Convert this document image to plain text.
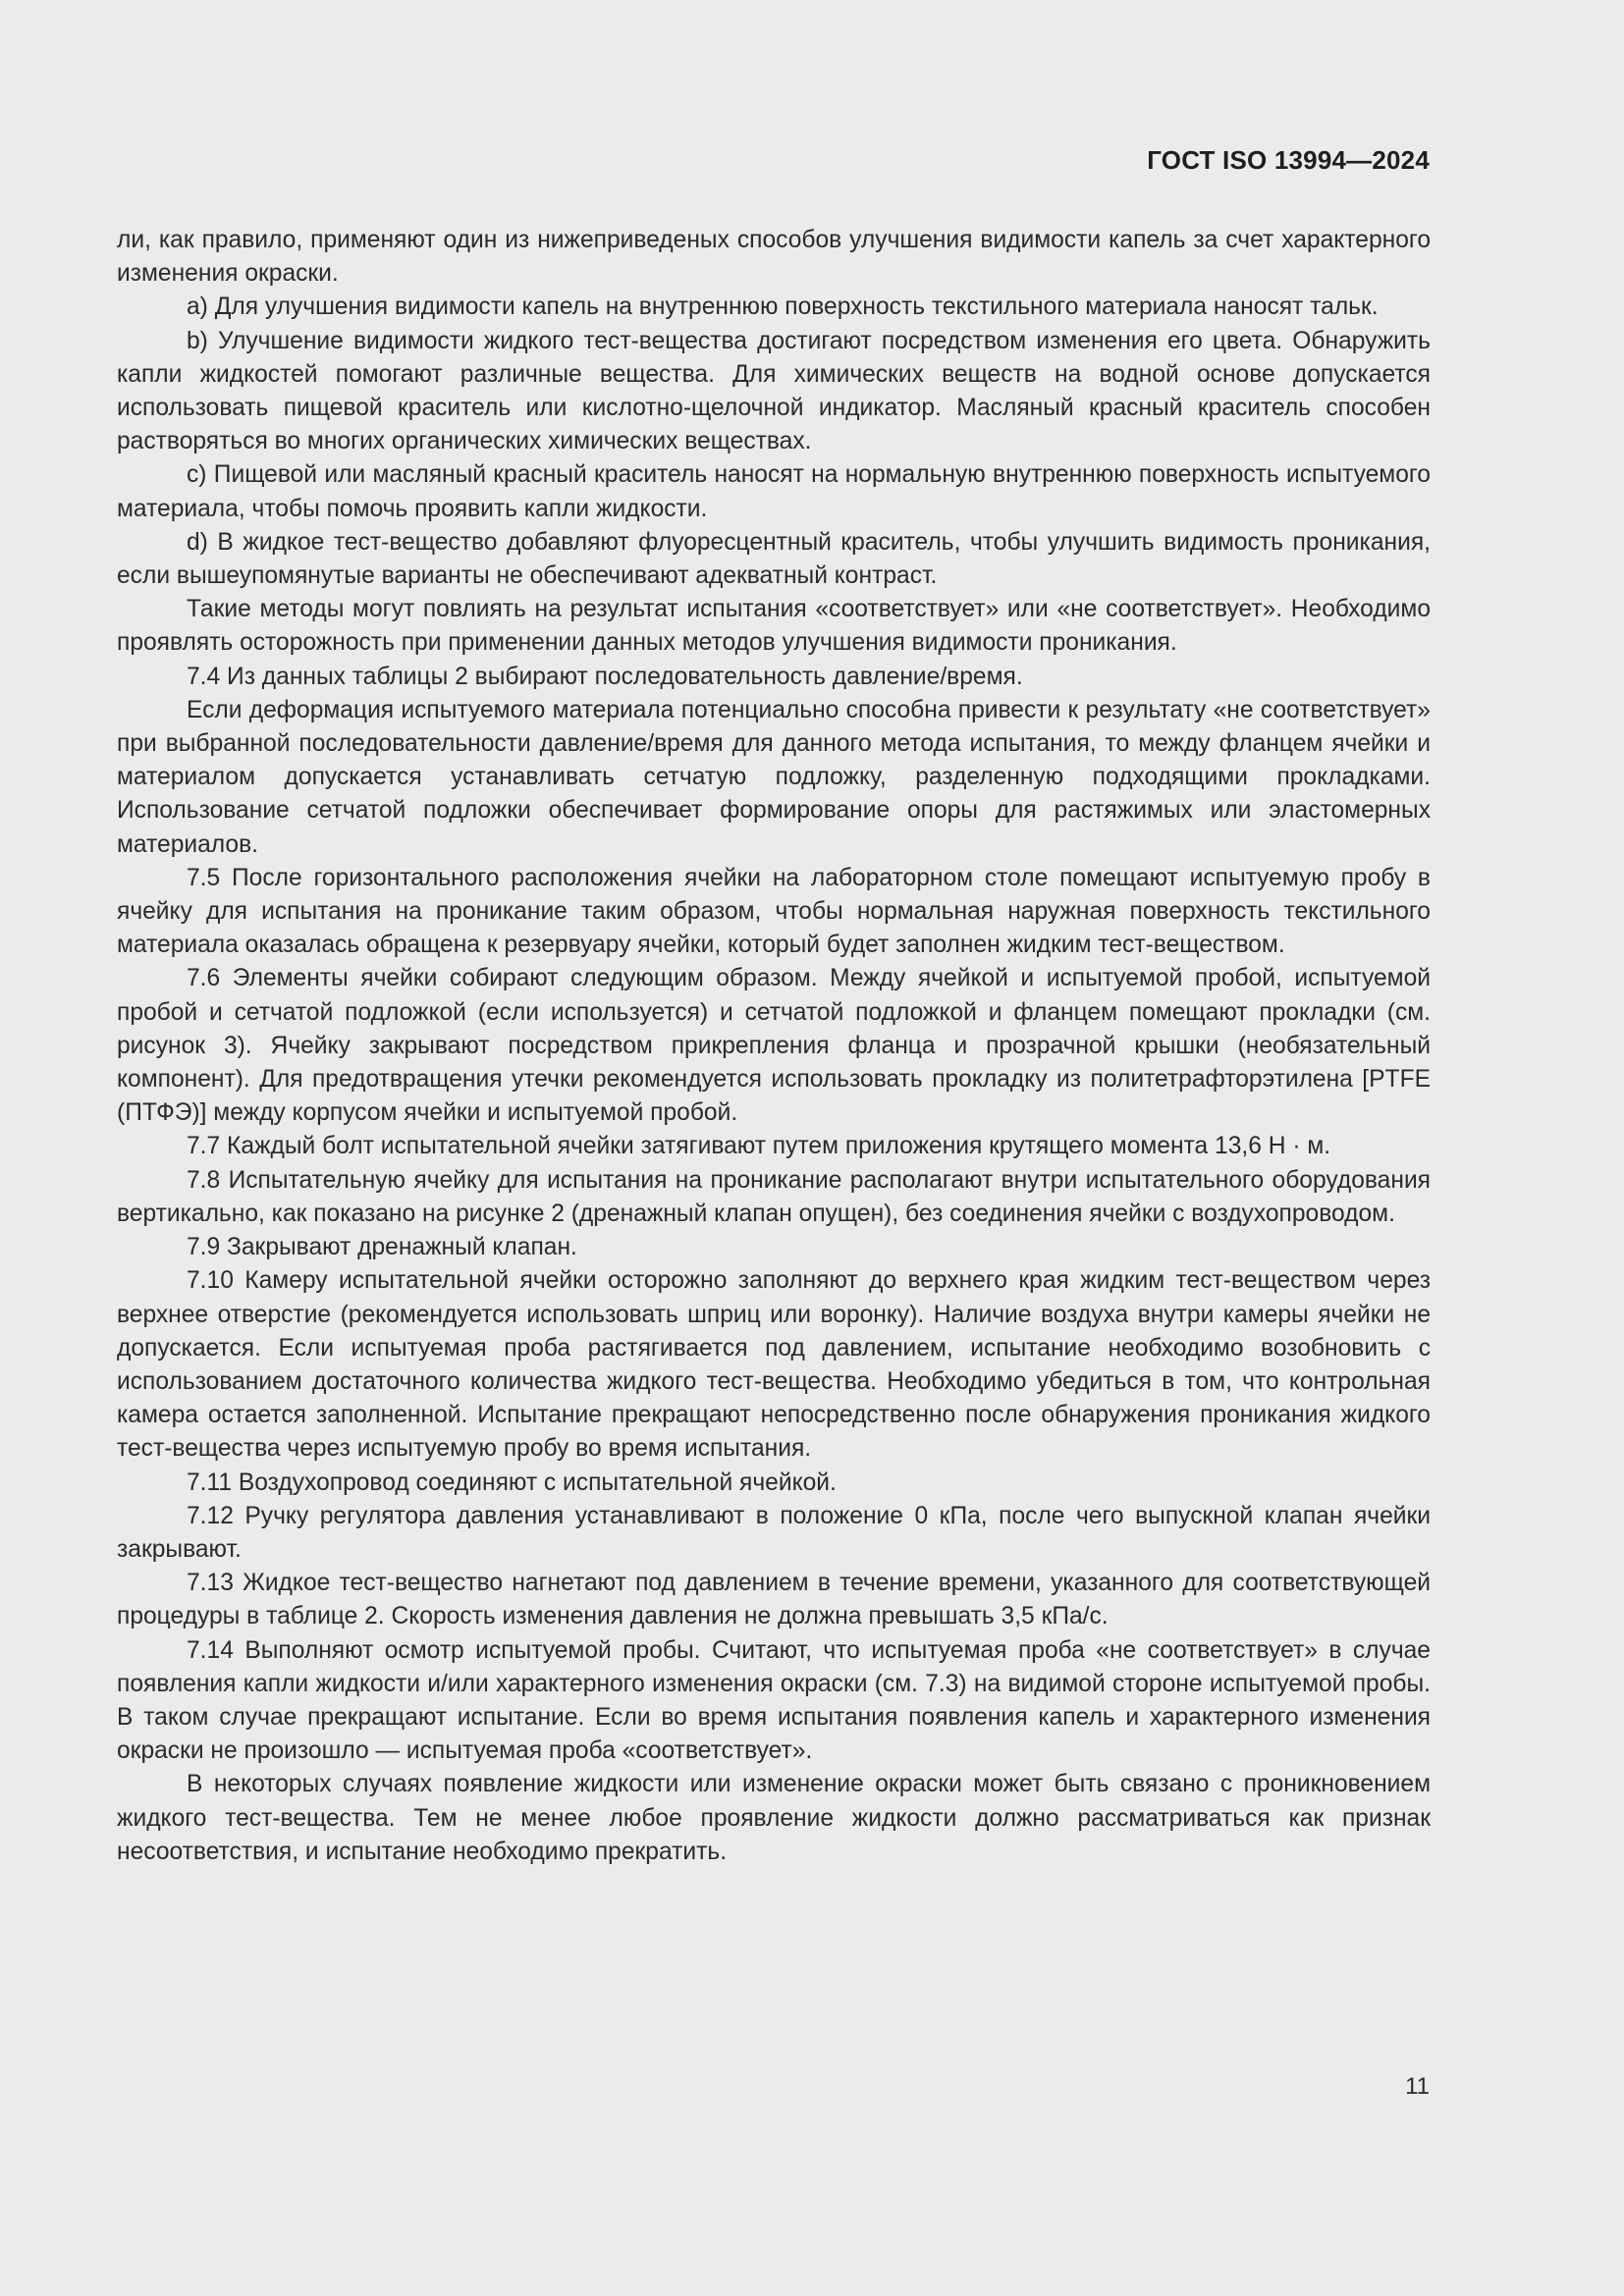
ГОСТ ISO 13994—2024

ли, как правило, применяют один из нижеприведеных способов улучшения видимости капель за счет характерного изменения окраски.

a) Для улучшения видимости капель на внутреннюю поверхность текстильного материала наносят тальк.

b) Улучшение видимости жидкого тест-вещества достигают посредством изменения его цвета. Обнаружить капли жидкостей помогают различные вещества. Для химических веществ на водной основе допускается использовать пищевой краситель или кислотно-щелочной индикатор. Масляный красный краситель способен растворяться во многих органических химических веществах.

c) Пищевой или масляный красный краситель наносят на нормальную внутреннюю поверхность испытуемого материала, чтобы помочь проявить капли жидкости.

d) В жидкое тест-вещество добавляют флуоресцентный краситель, чтобы улучшить видимость проникания, если вышеупомянутые варианты не обеспечивают адекватный контраст.

Такие методы могут повлиять на результат испытания «соответствует» или «не соответствует». Необходимо проявлять осторожность при применении данных методов улучшения видимости проникания.

7.4 Из данных таблицы 2 выбирают последовательность давление/время.

Если деформация испытуемого материала потенциально способна привести к результату «не соответствует» при выбранной последовательности давление/время для данного метода испытания, то между фланцем ячейки и материалом допускается устанавливать сетчатую подложку, разделенную подходящими прокладками. Использование сетчатой подложки обеспечивает формирование опоры для растяжимых или эластомерных материалов.

7.5 После горизонтального расположения ячейки на лабораторном столе помещают испытуемую пробу в ячейку для испытания на проникание таким образом, чтобы нормальная наружная поверхность текстильного материала оказалась обращена к резервуару ячейки, который будет заполнен жидким тест-веществом.

7.6 Элементы ячейки собирают следующим образом. Между ячейкой и испытуемой пробой, испытуемой пробой и сетчатой подложкой (если используется) и сетчатой подложкой и фланцем помещают прокладки (см. рисунок 3). Ячейку закрывают посредством прикрепления фланца и прозрачной крышки (необязательный компонент). Для предотвращения утечки рекомендуется использовать прокладку из политетрафторэтилена [PTFE (ПТФЭ)] между корпусом ячейки и испытуемой пробой.

7.7 Каждый болт испытательной ячейки затягивают путем приложения крутящего момента 13,6 Н · м.

7.8 Испытательную ячейку для испытания на проникание располагают внутри испытательного оборудования вертикально, как показано на рисунке 2 (дренажный клапан опущен), без соединения ячейки с воздухопроводом.

7.9 Закрывают дренажный клапан.

7.10 Камеру испытательной ячейки осторожно заполняют до верхнего края жидким тест-веществом через верхнее отверстие (рекомендуется использовать шприц или воронку). Наличие воздуха внутри камеры ячейки не допускается. Если испытуемая проба растягивается под давлением, испытание необходимо возобновить с использованием достаточного количества жидкого тест-вещества. Необходимо убедиться в том, что контрольная камера остается заполненной. Испытание прекращают непосредственно после обнаружения проникания жидкого тест-вещества через испытуемую пробу во время испытания.

7.11 Воздухопровод соединяют с испытательной ячейкой.

7.12 Ручку регулятора давления устанавливают в положение 0 кПа, после чего выпускной клапан ячейки закрывают.

7.13 Жидкое тест-вещество нагнетают под давлением в течение времени, указанного для соответствующей процедуры в таблице 2. Скорость изменения давления не должна превышать 3,5 кПа/с.

7.14 Выполняют осмотр испытуемой пробы. Считают, что испытуемая проба «не соответствует» в случае появления капли жидкости и/или характерного изменения окраски (см. 7.3) на видимой стороне испытуемой пробы. В таком случае прекращают испытание. Если во время испытания появления капель и характерного изменения окраски не произошло — испытуемая проба «соответствует».

В некоторых случаях появление жидкости или изменение окраски может быть связано с проникновением жидкого тест-вещества. Тем не менее любое проявление жидкости должно рассматриваться как признак несоответствия, и испытание необходимо прекратить.

11
